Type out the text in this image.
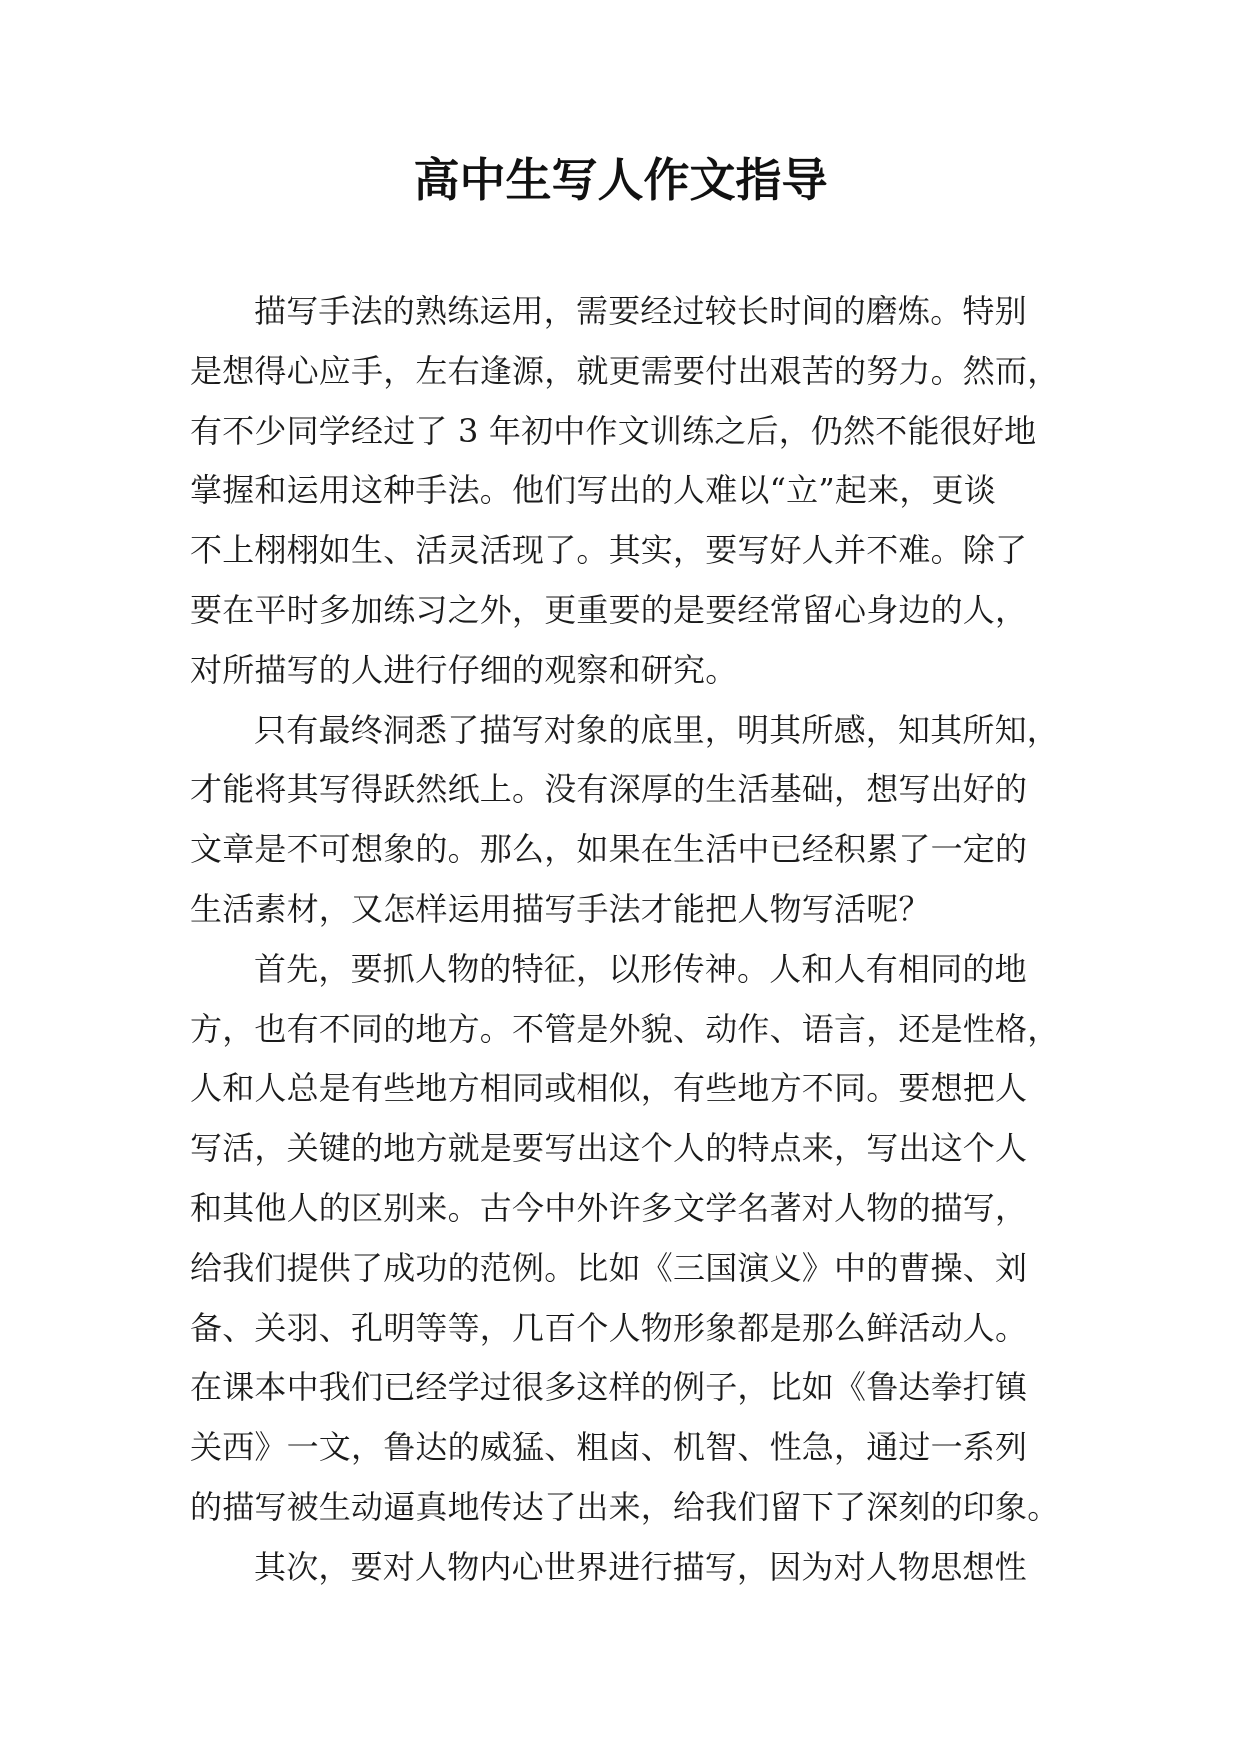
高中生写人作文指导
描写手法的熟练运用，需要经过较长时间的磨炼。特别
是想得心应手，左右逢源，就更需要付出艰苦的努力。然而，
有不少同学经过了 3 年初中作文训练之后，仍然不能很好地
掌握和运用这种手法。他们写出的人难以“立”起来，更谈
不上栩栩如生、活灵活现了。其实，要写好人并不难。除了
要在平时多加练习之外，更重要的是要经常留心身边的人，
对所描写的人进行仔细的观察和研究。
只有最终洞悉了描写对象的底里，明其所感，知其所知，
才能将其写得跃然纸上。没有深厚的生活基础，想写出好的
文章是不可想象的。那么，如果在生活中已经积累了一定的
生活素材，又怎样运用描写手法才能把人物写活呢？
首先，要抓人物的特征，以形传神。人和人有相同的地
方，也有不同的地方。不管是外貌、动作、语言，还是性格，
人和人总是有些地方相同或相似，有些地方不同。要想把人
写活，关键的地方就是要写出这个人的特点来，写出这个人
和其他人的区别来。古今中外许多文学名著对人物的描写，
给我们提供了成功的范例。比如《三国演义》中的曹操、刘
备、关羽、孔明等等，几百个人物形象都是那么鲜活动人。
在课本中我们已经学过很多这样的例子，比如《鲁达拳打镇
关西》一文，鲁达的威猛、粗卤、机智、性急，通过一系列
的描写被生动逼真地传达了出来，给我们留下了深刻的印象。
其次，要对人物内心世界进行描写，因为对人物思想性
